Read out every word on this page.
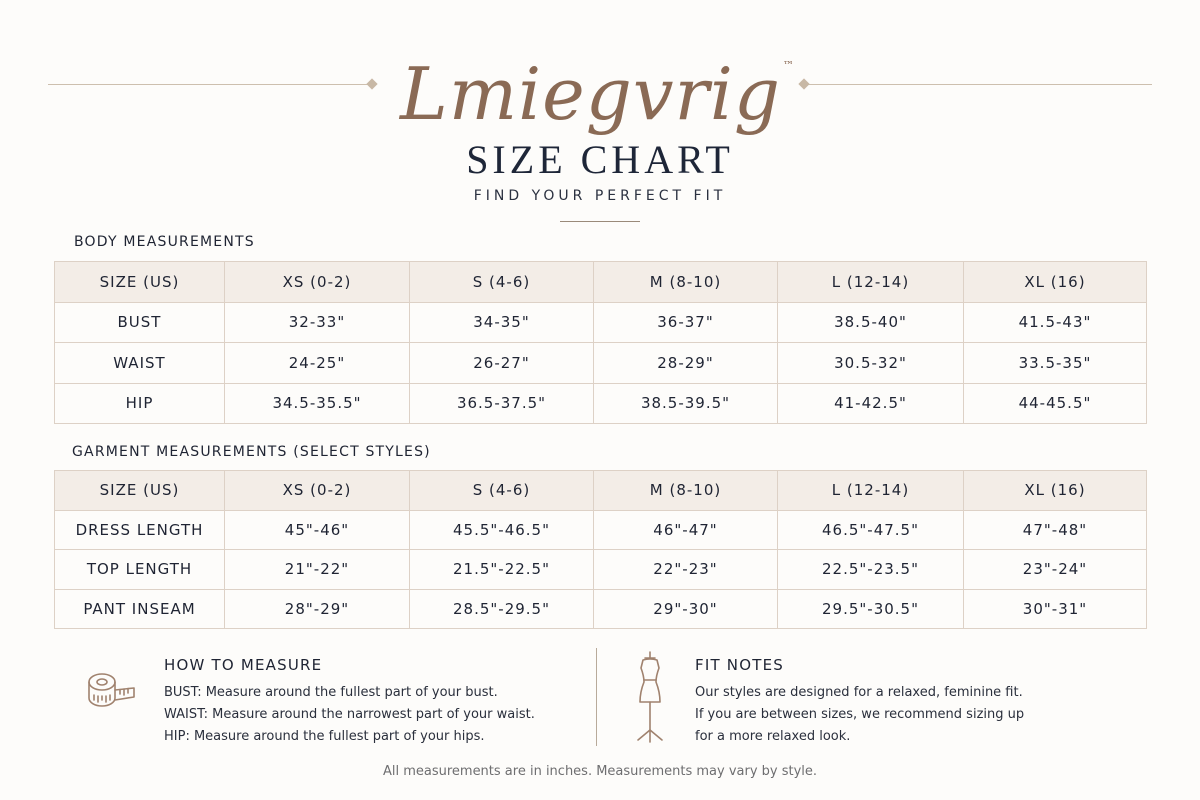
Lmiegvrig ™
SIZE CHART
FIND YOUR PERFECT FIT
BODY MEASUREMENTS
SIZE (US)	XS (0-2)	S (4-6)	M (8-10)	L (12-14)	XL (16)
BUST	32-33"	34-35"	36-37"	38.5-40"	41.5-43"
WAIST	24-25"	26-27"	28-29"	30.5-32"	33.5-35"
HIP	34.5-35.5"	36.5-37.5"	38.5-39.5"	41-42.5"	44-45.5"
GARMENT MEASUREMENTS (SELECT STYLES)
SIZE (US)	XS (0-2)	S (4-6)	M (8-10)	L (12-14)	XL (16)
DRESS LENGTH	45"-46"	45.5"-46.5"	46"-47"	46.5"-47.5"	47"-48"
TOP LENGTH	21"-22"	21.5"-22.5"	22"-23"	22.5"-23.5"	23"-24"
PANT INSEAM	28"-29"	28.5"-29.5"	29"-30"	29.5"-30.5"	30"-31"
HOW TO MEASURE
BUST: Measure around the fullest part of your bust.
WAIST: Measure around the narrowest part of your waist.
HIP: Measure around the fullest part of your hips.
FIT NOTES
Our styles are designed for a relaxed, feminine fit.
If you are between sizes, we recommend sizing up
for a more relaxed look.
All measurements are in inches. Measurements may vary by style.
